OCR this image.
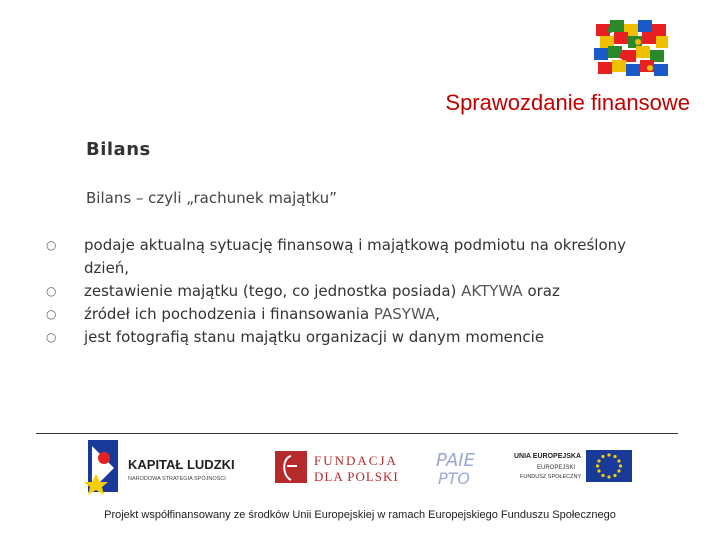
Sprawozdanie finansowe
Bilans
Bilans – czyli „rachunek majątku”
○ podaje aktualną sytuację finansową i majątkową podmiotu na określony dzień,
○ zestawienie majątku (tego, co jednostka posiada) AKTYWA oraz
○ źródeł ich pochodzenia i finansowania PASYWA,
○ jest fotografią stanu majątku organizacji w danym momencie
KAPITAŁ LUDZKI
NARODOWA STRATEGIA SPÓJNOŚCI
FUNDACJA
DLA POLSKI
PAIE
PTO
UNIA EUROPEJSKA
EUROPEJSKI
FUNDUSZ SPOŁECZNY
Projekt współfinansowany ze środków Unii Europejskiej w ramach Europejskiego Funduszu Społecznego
